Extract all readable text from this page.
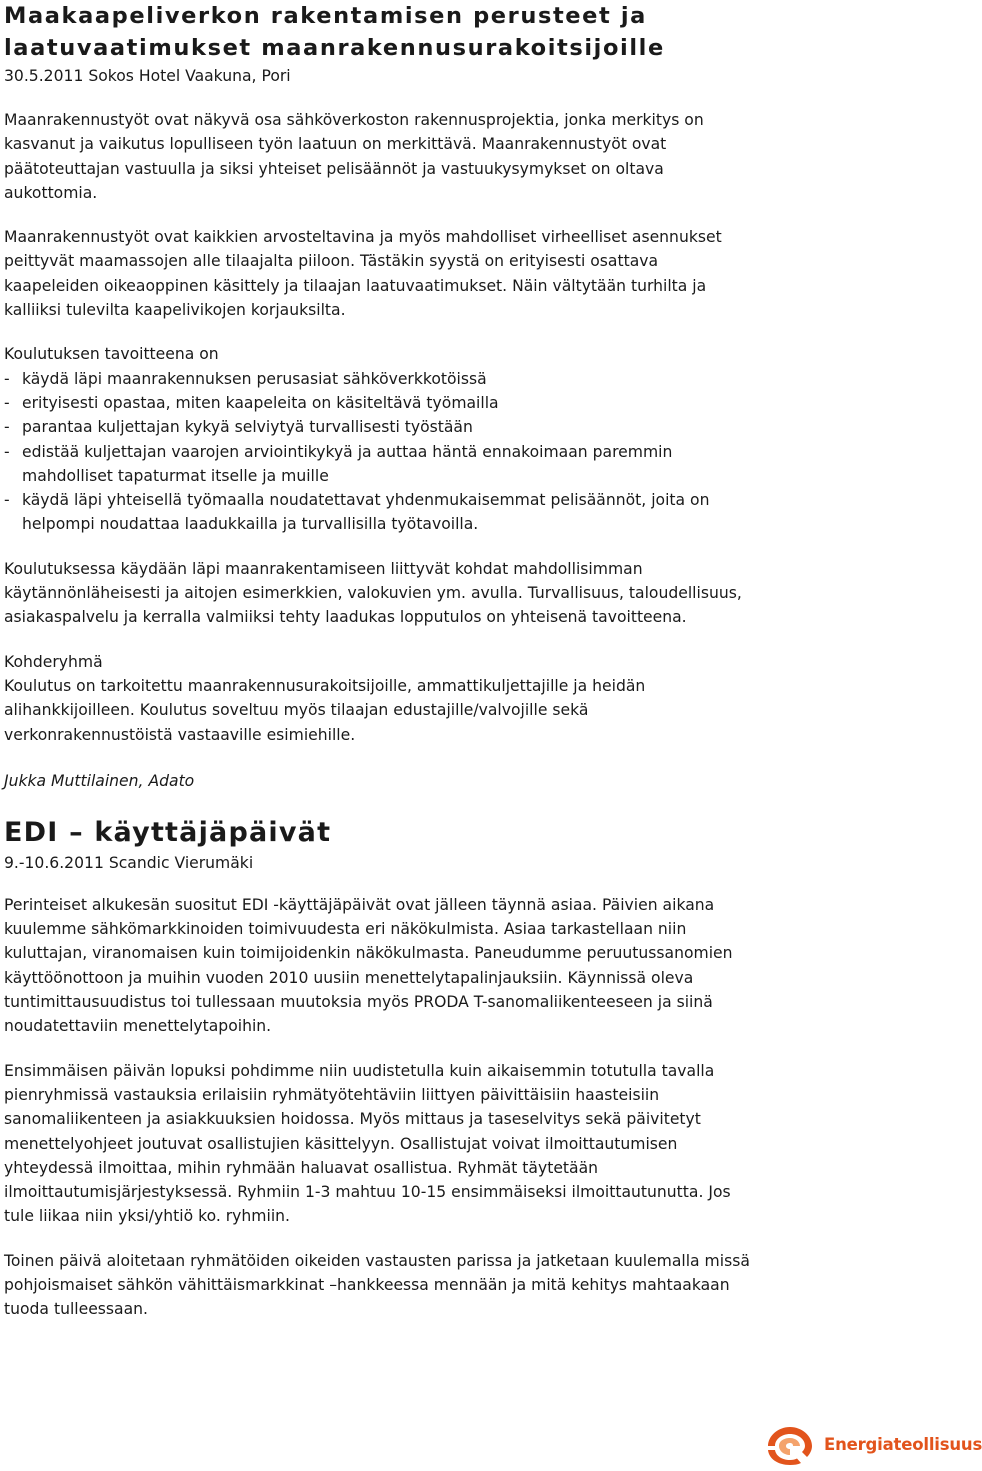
Maakaapeliverkon rakentamisen perusteet ja
laatuvaatimukset maanrakennusurakoitsijoille
30.5.2011 Sokos Hotel Vaakuna, Pori
Maanrakennustyöt ovat näkyvä osa sähköverkoston rakennusprojektia, jonka merkitys on
kasvanut ja vaikutus lopulliseen työn laatuun on merkittävä. Maanrakennustyöt ovat
päätoteuttajan vastuulla ja siksi yhteiset pelisäännöt ja vastuukysymykset on oltava
aukottomia.
Maanrakennustyöt ovat kaikkien arvosteltavina ja myös mahdolliset virheelliset asennukset
peittyvät maamassojen alle tilaajalta piiloon. Tästäkin syystä on erityisesti osattava
kaapeleiden oikeaoppinen käsittely ja tilaajan laatuvaatimukset. Näin vältytään turhilta ja
kalliiksi tulevilta kaapelivikojen korjauksilta.
Koulutuksen tavoitteena on
- käydä läpi maanrakennuksen perusasiat sähköverkkotöissä
- erityisesti opastaa, miten kaapeleita on käsiteltävä työmailla
- parantaa kuljettajan kykyä selviytyä turvallisesti työstään
- edistää kuljettajan vaarojen arviointikykyä ja auttaa häntä ennakoimaan paremmin
mahdolliset tapaturmat itselle ja muille
- käydä läpi yhteisellä työmaalla noudatettavat yhdenmukaisemmat pelisäännöt, joita on
helpompi noudattaa laadukkailla ja turvallisilla työtavoilla.
Koulutuksessa käydään läpi maanrakentamiseen liittyvät kohdat mahdollisimman
käytännönläheisesti ja aitojen esimerkkien, valokuvien ym. avulla. Turvallisuus, taloudellisuus,
asiakaspalvelu ja kerralla valmiiksi tehty laadukas lopputulos on yhteisenä tavoitteena.
Kohderyhmä
Koulutus on tarkoitettu maanrakennusurakoitsijoille, ammattikuljettajille ja heidän
alihankkijoilleen. Koulutus soveltuu myös tilaajan edustajille/valvojille sekä
verkonrakennustöistä vastaaville esimiehille.
Jukka Muttilainen, Adato
EDI – käyttäjäpäivät
9.-10.6.2011 Scandic Vierumäki
Perinteiset alkukesän suositut EDI -käyttäjäpäivät ovat jälleen täynnä asiaa. Päivien aikana
kuulemme sähkömarkkinoiden toimivuudesta eri näkökulmista. Asiaa tarkastellaan niin
kuluttajan, viranomaisen kuin toimijoidenkin näkökulmasta. Paneudumme peruutussanomien
käyttöönottoon ja muihin vuoden 2010 uusiin menettelytapalinjauksiin. Käynnissä oleva
tuntimittausuudistus toi tullessaan muutoksia myös PRODA T-sanomaliikenteeseen ja siinä
noudatettaviin menettelytapoihin.
Ensimmäisen päivän lopuksi pohdimme niin uudistetulla kuin aikaisemmin totutulla tavalla
pienryhmissä vastauksia erilaisiin ryhmätyötehtäviin liittyen päivittäisiin haasteisiin
sanomaliikenteen ja asiakkuuksien hoidossa. Myös mittaus ja taseselvitys sekä päivitetyt
menettelyohjeet joutuvat osallistujien käsittelyyn. Osallistujat voivat ilmoittautumisen
yhteydessä ilmoittaa, mihin ryhmään haluavat osallistua. Ryhmät täytetään
ilmoittautumisjärjestyksessä. Ryhmiin 1-3 mahtuu 10-15 ensimmäiseksi ilmoittautunutta. Jos
tule liikaa niin yksi/yhtiö ko. ryhmiin.
Toinen päivä aloitetaan ryhmätöiden oikeiden vastausten parissa ja jatketaan kuulemalla missä
pohjoismaiset sähkön vähittäismarkkinat –hankkeessa mennään ja mitä kehitys mahtaakaan
tuoda tulleessaan.
Energiateollisuus
